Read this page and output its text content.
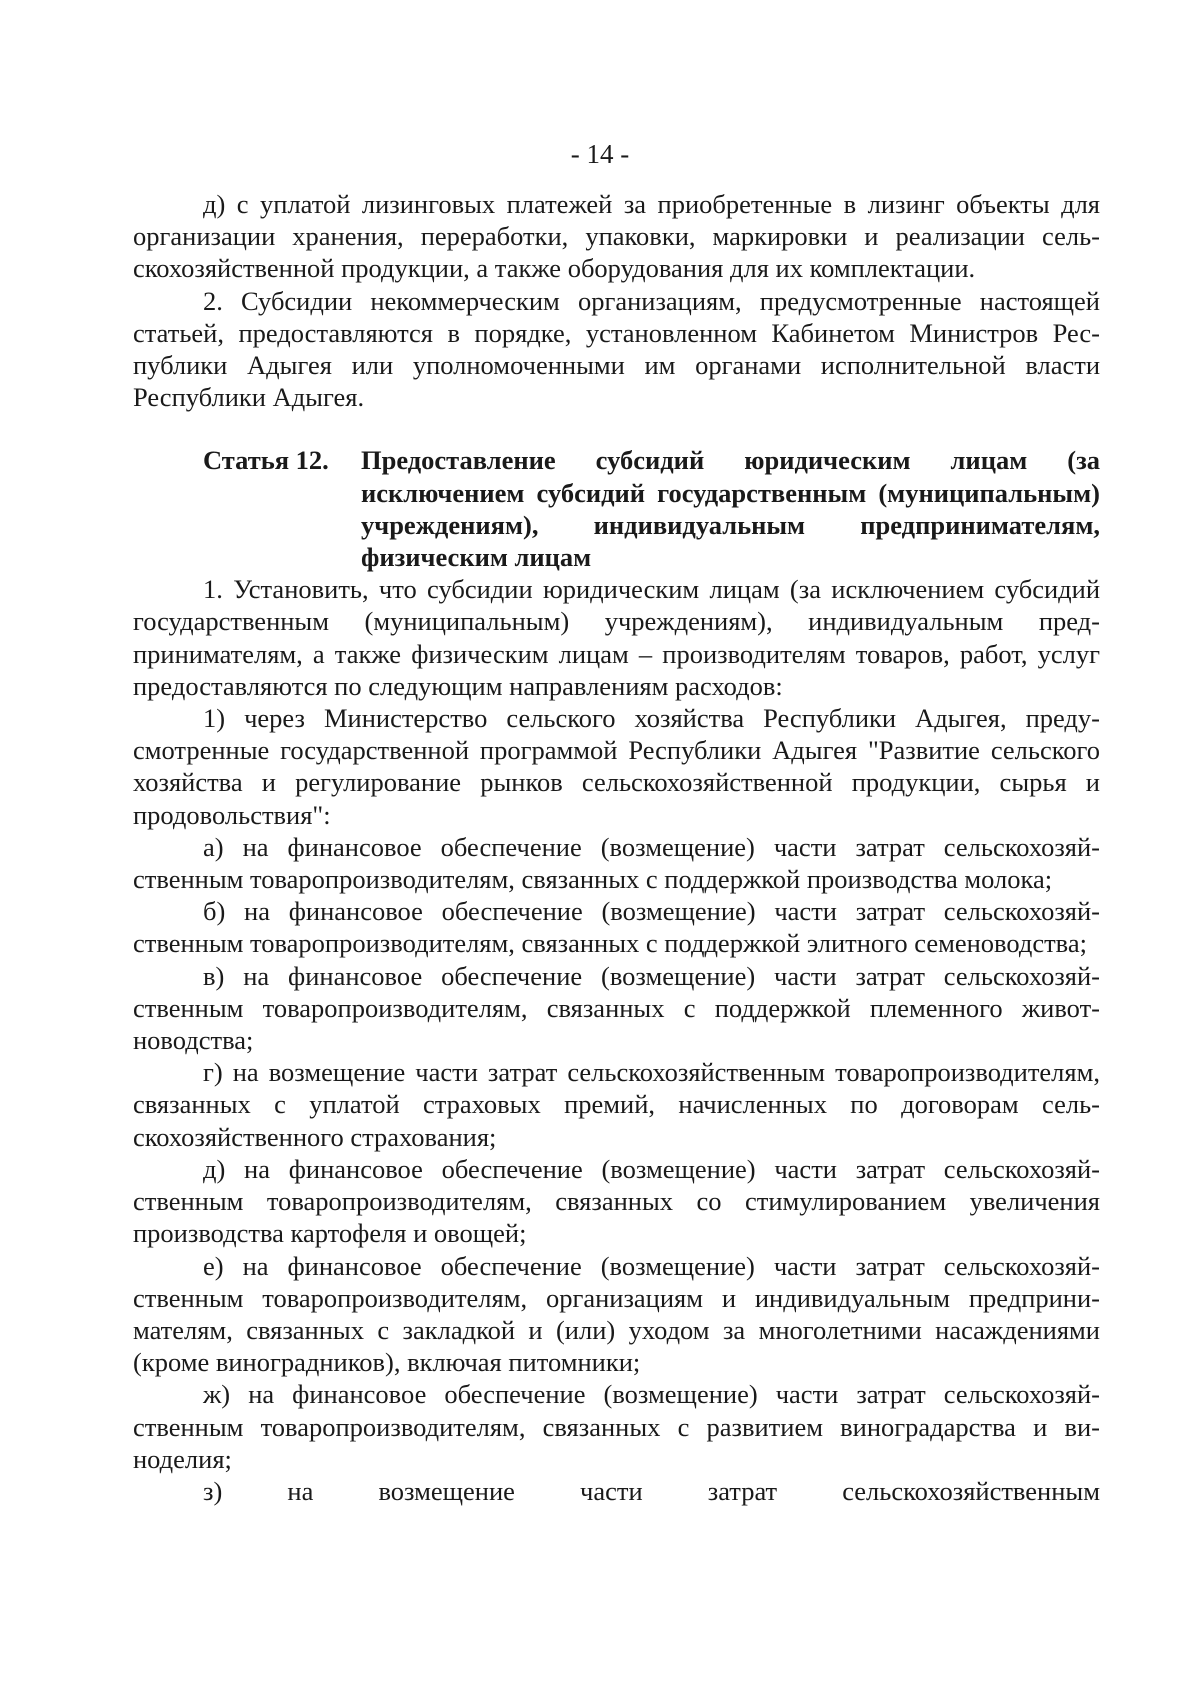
- 14 -

д) с уплатой лизинговых платежей за приобретенные в лизинг объекты для организации хранения, переработки, упаковки, маркировки и реализации сельскохозяйственной продукции, а также оборудования для их комплектации.

2. Субсидии некоммерческим организациям, предусмотренные настоящей статьей, предоставляются в порядке, установленном Кабинетом Министров Республики Адыгея или уполномоченными им органами исполнительной власти Республики Адыгея.

Статья 12.	Предоставление субсидий юридическим лицам (за исключением субсидий государственным (муниципальным) учреждениям), индивидуальным предпринимателям, физическим лицам

1. Установить, что субсидии юридическим лицам (за исключением субсидий государственным (муниципальным) учреждениям), индивидуальным предпринимателям, а также физическим лицам – производителям товаров, работ, услуг предоставляются по следующим направлениям расходов:

1) через Министерство сельского хозяйства Республики Адыгея, предусмотренные государственной программой Республики Адыгея "Развитие сельского хозяйства и регулирование рынков сельскохозяйственной продукции, сырья и продовольствия":

а) на финансовое обеспечение (возмещение) части затрат сельскохозяйственным товаропроизводителям, связанных с поддержкой производства молока;

б) на финансовое обеспечение (возмещение) части затрат сельскохозяйственным товаропроизводителям, связанных с поддержкой элитного семеноводства;

в) на финансовое обеспечение (возмещение) части затрат сельскохозяйственным товаропроизводителям, связанных с поддержкой племенного животноводства;

г) на возмещение части затрат сельскохозяйственным товаропроизводителям, связанных с уплатой страховых премий, начисленных по договорам сельскохозяйственного страхования;

д) на финансовое обеспечение (возмещение) части затрат сельскохозяйственным товаропроизводителям, связанных со стимулированием увеличения производства картофеля и овощей;

е) на финансовое обеспечение (возмещение) части затрат сельскохозяйственным товаропроизводителям, организациям и индивидуальным предпринимателям, связанных с закладкой и (или) уходом за многолетними насаждениями (кроме виноградников), включая питомники;

ж) на финансовое обеспечение (возмещение) части затрат сельскохозяйственным товаропроизводителям, связанных с развитием виноградарства и виноделия;

з) на возмещение части затрат сельскохозяйственным
